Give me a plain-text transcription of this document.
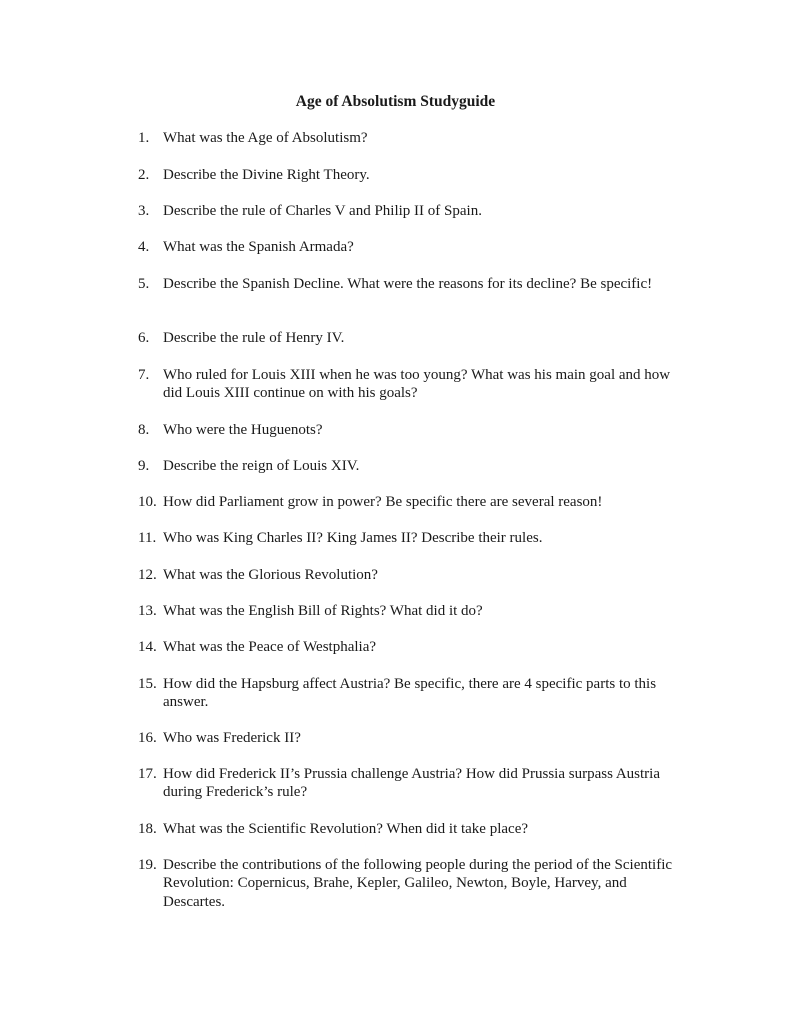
Age of Absolutism Studyguide
1. What was the Age of Absolutism?
2. Describe the Divine Right Theory.
3. Describe the rule of Charles V and Philip II of Spain.
4. What was the Spanish Armada?
5. Describe the Spanish Decline. What were the reasons for its decline? Be specific!
6. Describe the rule of Henry IV.
7. Who ruled for Louis XIII when he was too young? What was his main goal and how did Louis XIII continue on with his goals?
8. Who were the Huguenots?
9. Describe the reign of Louis XIV.
10. How did Parliament grow in power? Be specific there are several reason!
11. Who was King Charles II? King James II? Describe their rules.
12. What was the Glorious Revolution?
13. What was the English Bill of Rights? What did it do?
14. What was the Peace of Westphalia?
15. How did the Hapsburg affect Austria? Be specific, there are 4 specific parts to this answer.
16. Who was Frederick II?
17. How did Frederick II’s Prussia challenge Austria? How did Prussia surpass Austria during Frederick’s rule?
18. What was the Scientific Revolution? When did it take place?
19. Describe the contributions of the following people during the period of the Scientific Revolution: Copernicus, Brahe, Kepler, Galileo, Newton, Boyle, Harvey, and Descartes.
